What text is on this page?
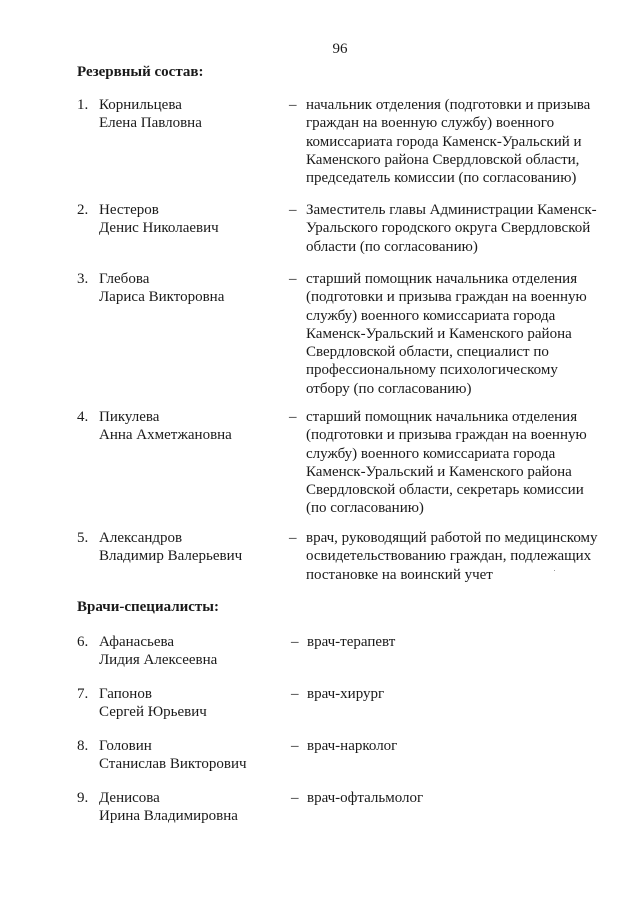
96
Резервный состав:
1. Корнильцева
Елена Павловна
– начальник отделения (подготовки и призыва
граждан на военную службу) военного
комиссариата города Каменск-Уральский и
Каменского района Свердловской области,
председатель комиссии (по согласованию)
2. Нестеров
Денис Николаевич
– Заместитель главы Администрации Каменск-
Уральского городского округа Свердловской
области (по согласованию)
3. Глебова
Лариса Викторовна
– старший помощник начальника отделения
(подготовки и призыва граждан на военную
службу) военного комиссариата города
Каменск-Уральский и Каменского района
Свердловской области, специалист по
профессиональному психологическому
отбору (по согласованию)
4. Пикулева
Анна Ахметжановна
– старший помощник начальника отделения
(подготовки и призыва граждан на военную
службу) военного комиссариата города
Каменск-Уральский и Каменского района
Свердловской области, секретарь комиссии
(по согласованию)
5. Александров
Владимир Валерьевич
– врач, руководящий работой по медицинскому
освидетельствованию граждан, подлежащих
постановке на воинский учет
Врачи-специалисты:
6. Афанасьева
Лидия Алексеевна
– врач-терапевт
7. Гапонов
Сергей Юрьевич
– врач-хирург
8. Головин
Станислав Викторович
– врач-нарколог
9. Денисова
Ирина Владимировна
– врач-офтальмолог
